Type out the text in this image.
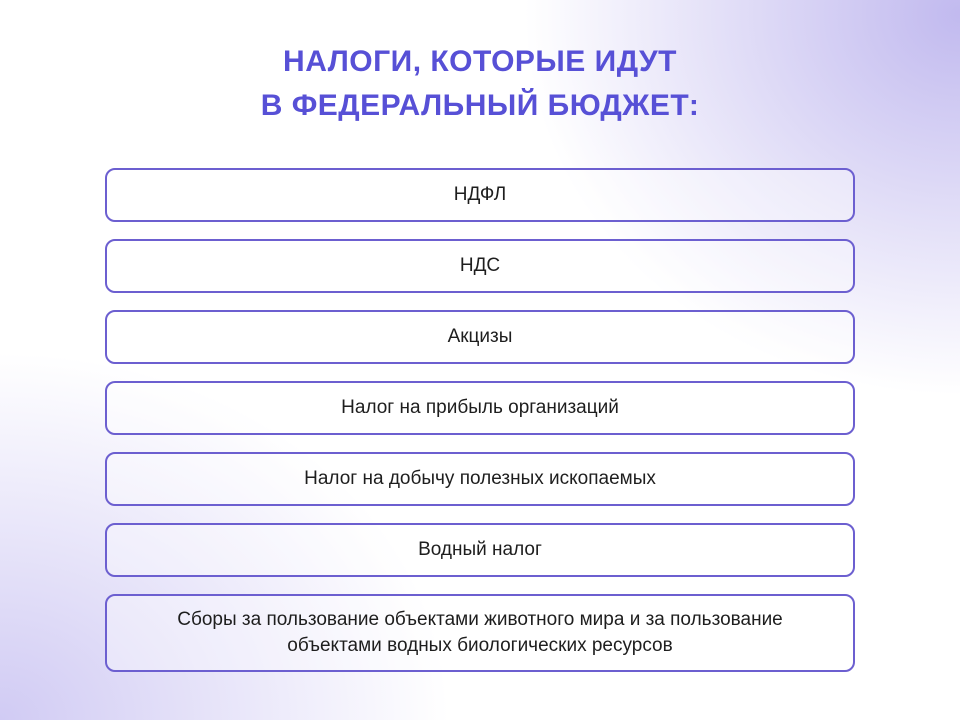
НАЛОГИ, КОТОРЫЕ ИДУТ
В ФЕДЕРАЛЬНЫЙ БЮДЖЕТ:
НДФЛ
НДС
Акцизы
Налог на прибыль организаций
Налог на добычу полезных ископаемых
Водный налог
Сборы за пользование объектами животного мира и за пользование объектами водных биологических ресурсов
